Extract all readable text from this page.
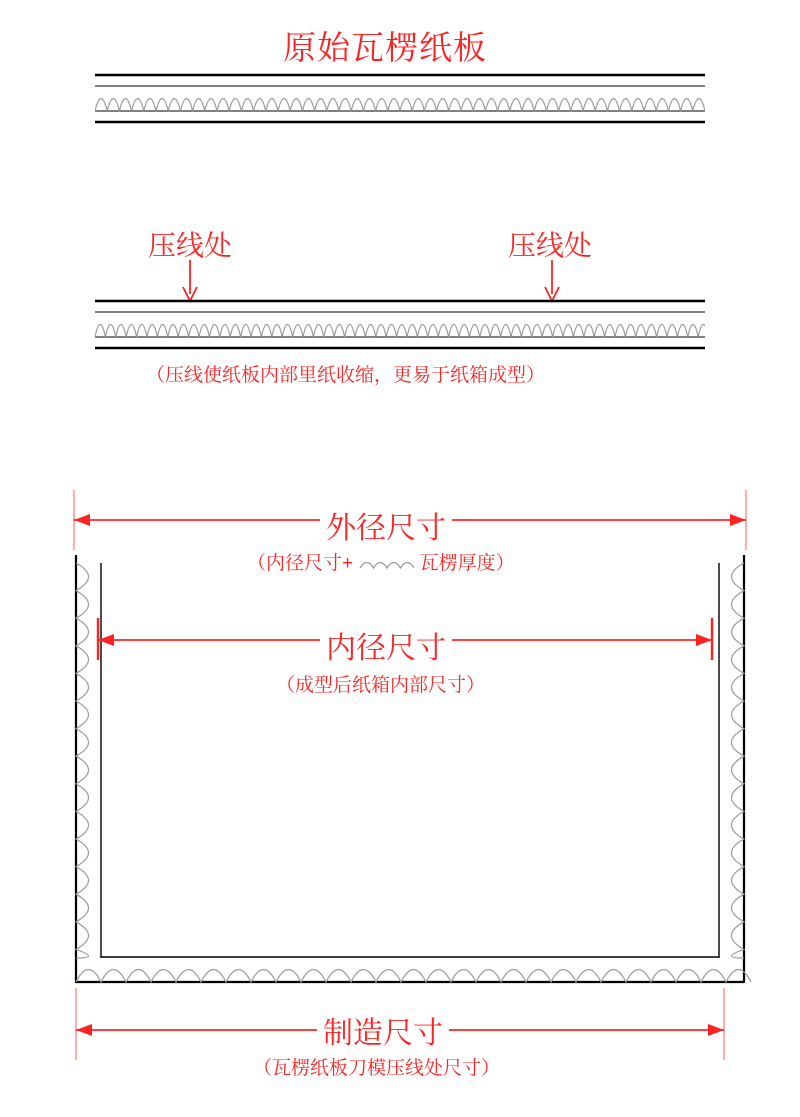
原始瓦楞纸板
压线处	压线处
（压线使纸板内部里纸收缩，更易于纸箱成型）
外径尺寸
（内径尺寸+	瓦楞厚度）
内径尺寸
（成型后纸箱内部尺寸）
制造尺寸
（瓦楞纸板刀模压线处尺寸）
